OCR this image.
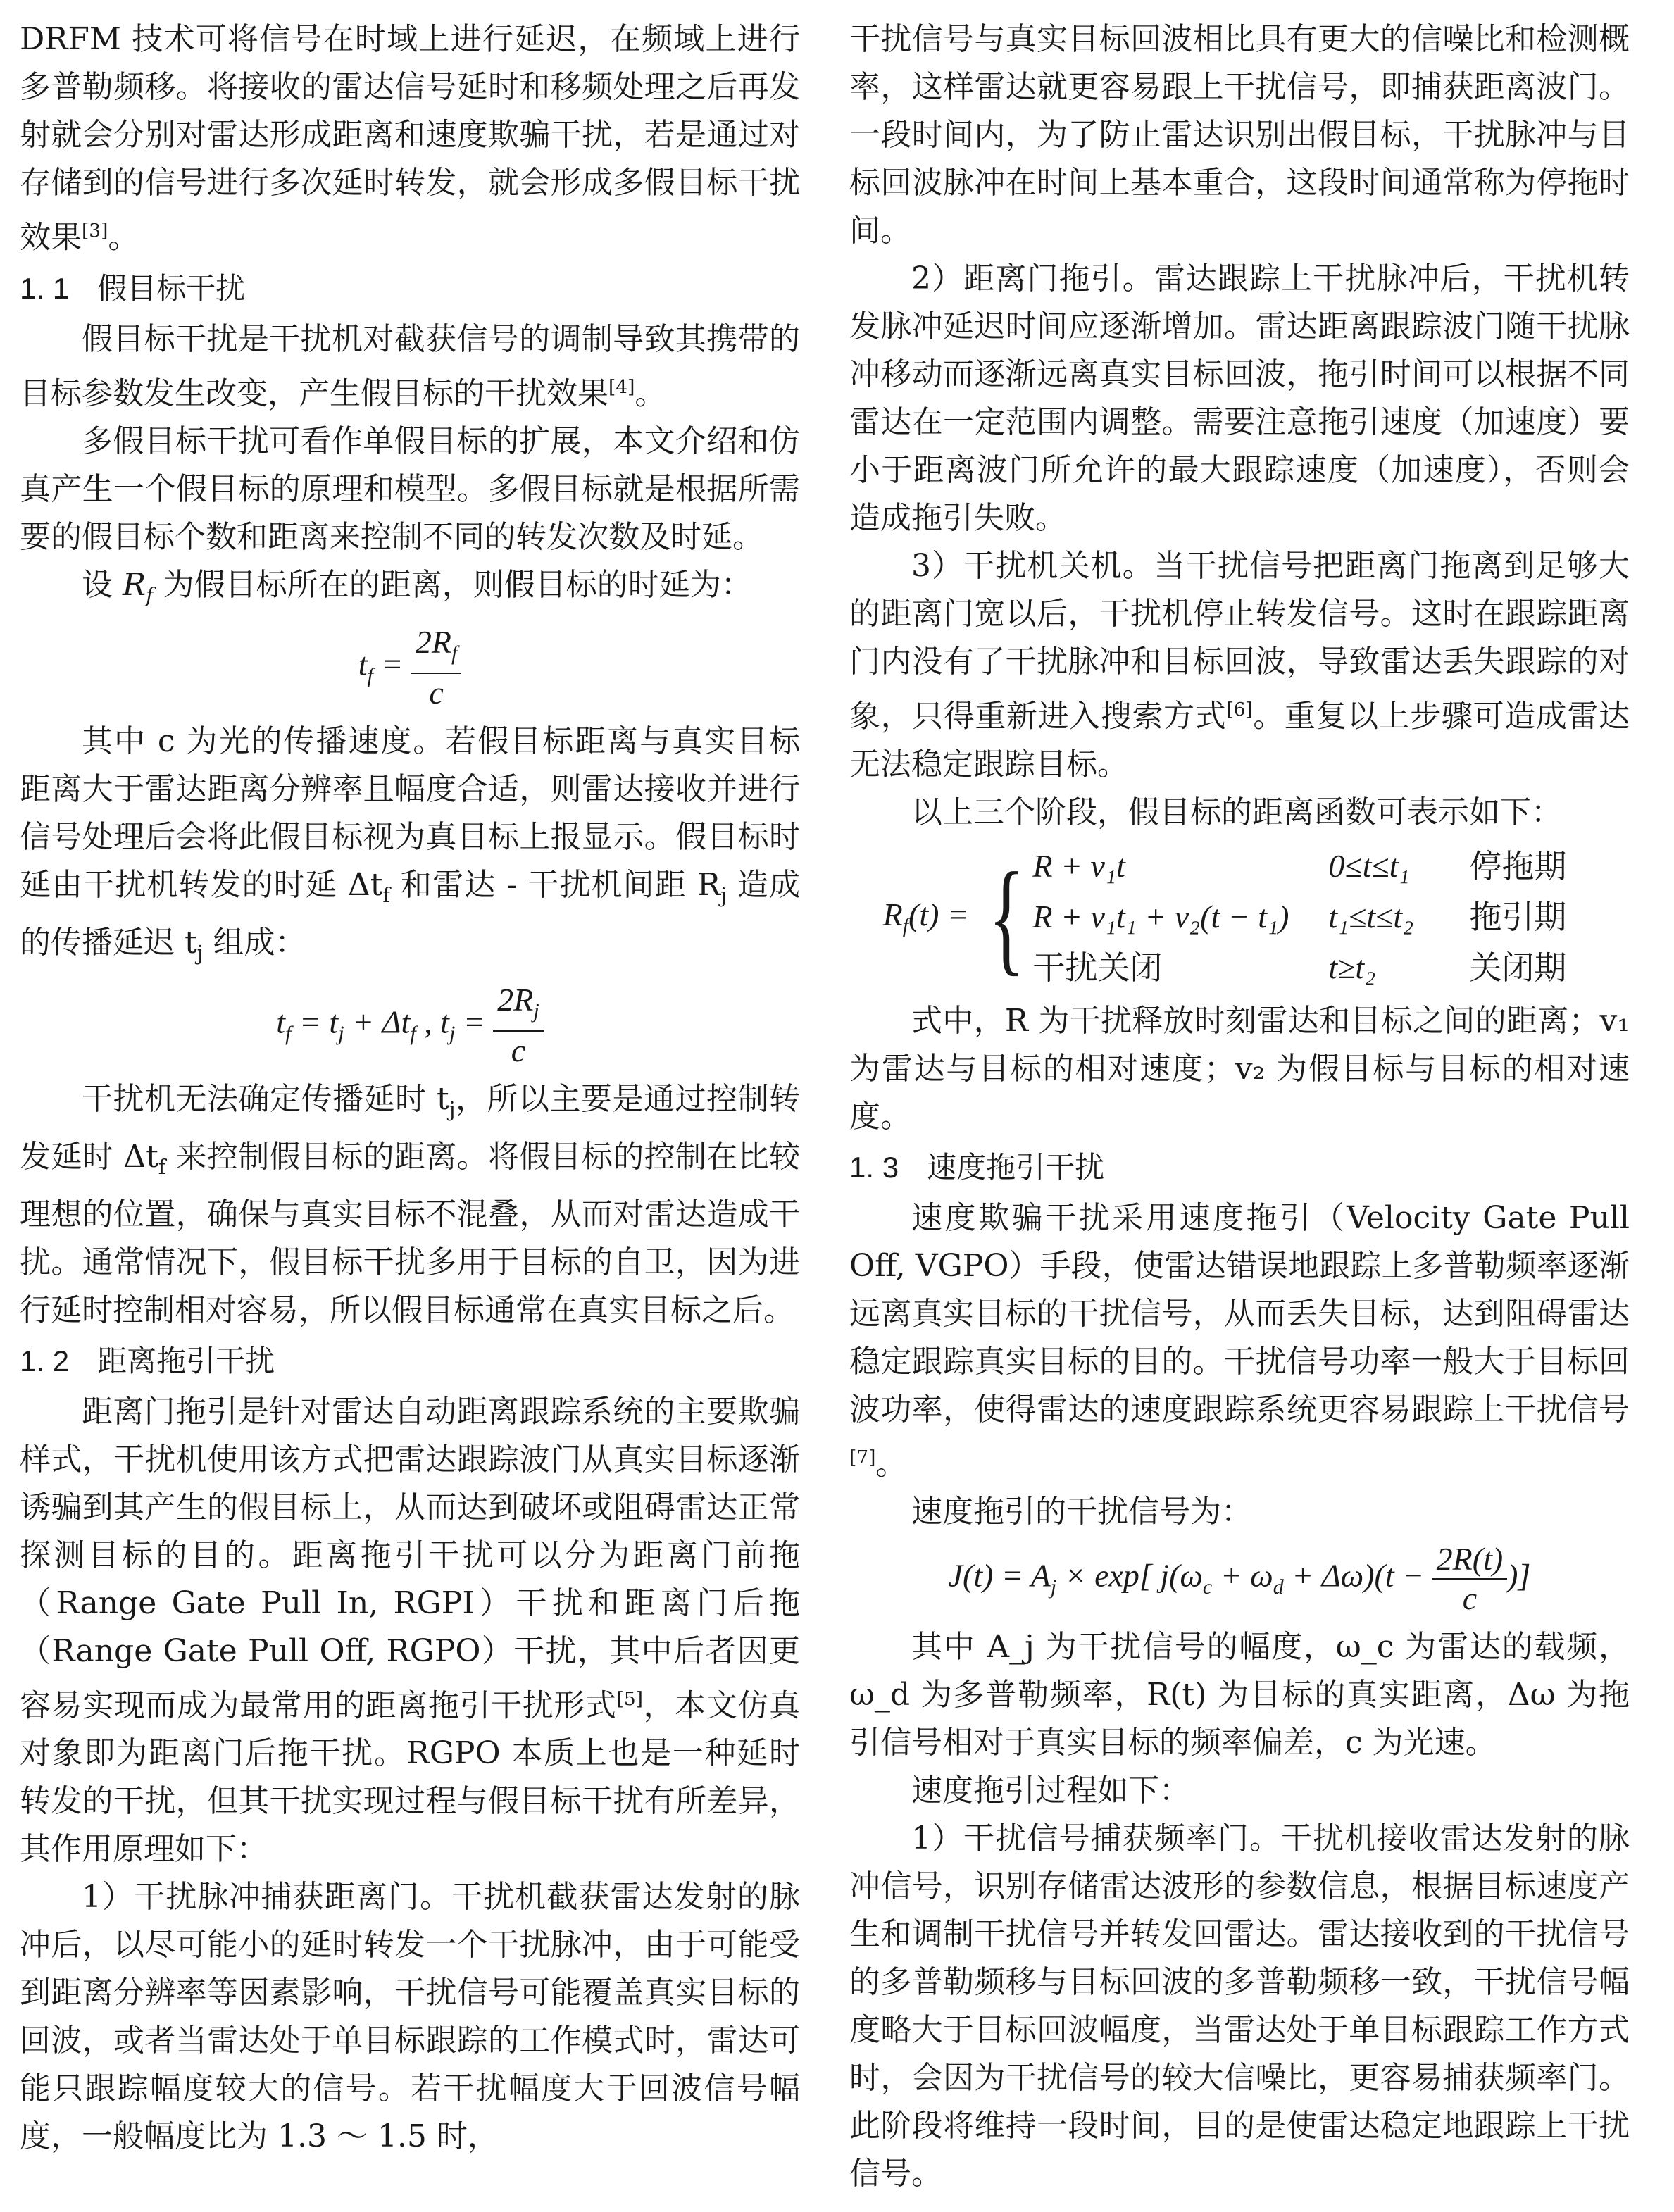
DRFM 技术可将信号在时域上进行延迟，在频域上进行多普勒频移。将接收的雷达信号延时和移频处理之后再发射就会分别对雷达形成距离和速度欺骗干扰，若是通过对存储到的信号进行多次延时转发，就会形成多假目标干扰效果[3]。

1. 1 假目标干扰

假目标干扰是干扰机对截获信号的调制导致其携带的目标参数发生改变，产生假目标的干扰效果[4]。

多假目标干扰可看作单假目标的扩展，本文介绍和仿真产生一个假目标的原理和模型。多假目标就是根据所需要的假目标个数和距离来控制不同的转发次数及时延。

设 $R_f$ 为假目标所在的距离，则假目标的时延为：

$t_f = \frac{2R_f}{c}$

其中 c 为光的传播速度。若假目标距离与真实目标距离大于雷达距离分辨率且幅度合适，则雷达接收并进行信号处理后会将此假目标视为真目标上报显示。假目标时延由干扰机转发的时延 $\Delta t_f$ 和雷达 - 干扰机间距 $R_j$ 造成的传播延迟 $t_j$ 组成：

$t_f = t_j + \Delta t_f$ , $t_j = \frac{2R_j}{c}$

干扰机无法确定传播延时 $t_j$，所以主要是通过控制转发延时 $\Delta t_f$ 来控制假目标的距离。将假目标的控制在比较理想的位置，确保与真实目标不混叠，从而对雷达造成干扰。通常情况下，假目标干扰多用于目标的自卫，因为进行延时控制相对容易，所以假目标通常在真实目标之后。

1. 2 距离拖引干扰

距离门拖引是针对雷达自动距离跟踪系统的主要欺骗样式，干扰机使用该方式把雷达跟踪波门从真实目标逐渐诱骗到其产生的假目标上，从而达到破坏或阻碍雷达正常探测目标的目的。距离拖引干扰可以分为距离门前拖（Range Gate Pull In, RGPI）干扰和距离门后拖（Range Gate Pull Off, RGPO）干扰，其中后者因更容易实现而成为最常用的距离拖引干扰形式[5]，本文仿真对象即为距离门后拖干扰。RGPO 本质上也是一种延时转发的干扰，但其干扰实现过程与假目标干扰有所差异，其作用原理如下：

1）干扰脉冲捕获距离门。干扰机截获雷达发射的脉冲后，以尽可能小的延时转发一个干扰脉冲，由于可能受到距离分辨率等因素影响，干扰信号可能覆盖真实目标的回波，或者当雷达处于单目标跟踪的工作模式时，雷达可能只跟踪幅度较大的信号。若干扰幅度大于回波信号幅度，一般幅度比为 1.3 ～ 1.5 时，

干扰信号与真实目标回波相比具有更大的信噪比和检测概率，这样雷达就更容易跟上干扰信号，即捕获距离波门。一段时间内，为了防止雷达识别出假目标，干扰脉冲与目标回波脉冲在时间上基本重合，这段时间通常称为停拖时间。

2）距离门拖引。雷达跟踪上干扰脉冲后，干扰机转发脉冲延迟时间应逐渐增加。雷达距离跟踪波门随干扰脉冲移动而逐渐远离真实目标回波，拖引时间可以根据不同雷达在一定范围内调整。需要注意拖引速度（加速度）要小于距离波门所允许的最大跟踪速度（加速度），否则会造成拖引失败。

3）干扰机关机。当干扰信号把距离门拖离到足够大的距离门宽以后，干扰机停止转发信号。这时在跟踪距离门内没有了干扰脉冲和目标回波，导致雷达丢失跟踪的对象，只得重新进入搜索方式[6]。重复以上步骤可造成雷达无法稳定跟踪目标。

以上三个阶段，假目标的距离函数可表示如下：

$R_f(t)$ = { R + v₁t	0≤t≤t₁	停拖期
R + v₁t₁ + v₂(t − t₁)	t₁≤t≤t₂	拖引期
干扰关闭	t≥t₂	关闭期

式中，R 为干扰释放时刻雷达和目标之间的距离；v₁ 为雷达与目标的相对速度；v₂ 为假目标与目标的相对速度。

1. 3 速度拖引干扰

速度欺骗干扰采用速度拖引（Velocity Gate Pull Off, VGPO）手段，使雷达错误地跟踪上多普勒频率逐渐远离真实目标的干扰信号，从而丢失目标，达到阻碍雷达稳定跟踪真实目标的目的。干扰信号功率一般大于目标回波功率，使得雷达的速度跟踪系统更容易跟踪上干扰信号[7]。

速度拖引的干扰信号为：

$J(t) = A_j \times \exp$[ $j(\omega_c + \omega_d + \Delta\omega)(t - \frac{2R(t)}{c}$ )]

其中 A_j 为干扰信号的幅度，ω_c 为雷达的载频，ω_d 为多普勒频率，R(t) 为目标的真实距离，Δω 为拖引信号相对于真实目标的频率偏差，c 为光速。

速度拖引过程如下：

1）干扰信号捕获频率门。干扰机接收雷达发射的脉冲信号，识别存储雷达波形的参数信息，根据目标速度产生和调制干扰信号并转发回雷达。雷达接收到的干扰信号的多普勒频移与目标回波的多普勒频移一致，干扰信号幅度略大于目标回波幅度，当雷达处于单目标跟踪工作方式时，会因为干扰信号的较大信噪比，更容易捕获频率门。此阶段将维持一段时间，目的是使雷达稳定地跟踪上干扰信号。
